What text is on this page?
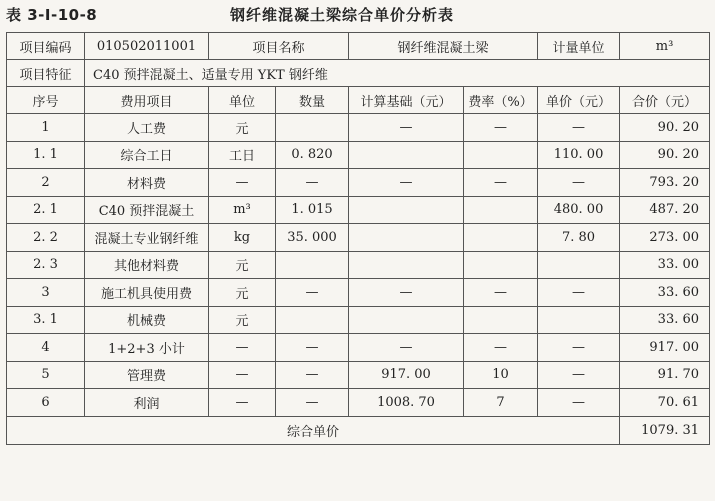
表 3-Ⅰ-10-8	钢纤维混凝土梁综合单价分析表
项目编码	010502011001	项目名称		钢纤维混凝土梁		计量单位	m³
项目特征	C40 预拌混凝土、适量专用 YKT 钢纤维						
序号	费用项目	单位	数量	计算基础（元）	费率（%）	单价（元）	合价（元）
1	人工费	元		—	—	—	90. 20
1. 1	综合工日	工日	0. 820			110. 00	90. 20
2	材料费	—	—	—	—	—	793. 20
2. 1	C40 预拌混凝土	m³	1. 015			480. 00	487. 20
2. 2	混凝土专业钢纤维	kg	35. 000			7. 80	273. 00
2. 3	其他材料费	元					33. 00
3	施工机具使用费	元	—	—	—	—	33. 60
3. 1	机械费	元					33. 60
4	1+2+3 小计	—	—	—	—	—	917. 00
5	管理费	—	—	917. 00	10	—	91. 70
6	利润	—	—	1008. 70	7	—	70. 61
综合单价							1079. 31
